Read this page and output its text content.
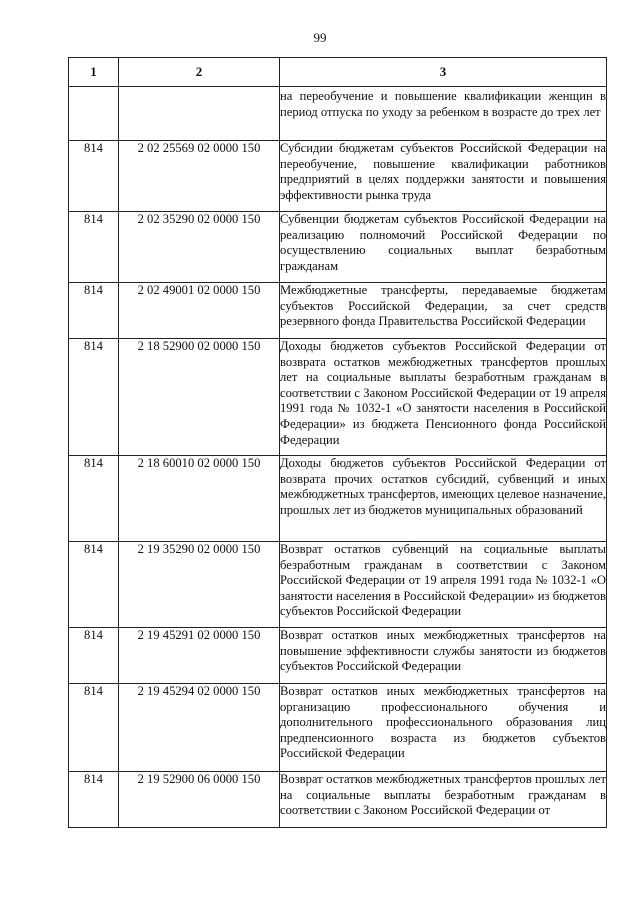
99
1	2	3
		на переобучение и повышение квалификации женщин в период отпуска по уходу за ребенком в возрасте до трех лет
814	2 02 25569 02 0000 150	Субсидии бюджетам субъектов Российской Федерации на переобучение, повышение квалификации работников предприятий в целях поддержки занятости и повышения эффективности рынка труда
814	2 02 35290 02 0000 150	Субвенции бюджетам субъектов Российской Федерации на реализацию полномочий Российской Федерации по осуществлению социальных выплат безработным гражданам
814	2 02 49001 02 0000 150	Межбюджетные трансферты, передаваемые бюджетам субъектов Российской Федерации, за счет средств резервного фонда Правительства Российской Федерации
814	2 18 52900 02 0000 150	Доходы бюджетов субъектов Российской Федерации от возврата остатков межбюджетных трансфертов прошлых лет на социальные выплаты безработным гражданам в соответствии с Законом Российской Федерации от 19 апреля 1991 года № 1032-1 «О занятости населения в Российской Федерации» из бюджета Пенсионного фонда Российской Федерации
814	2 18 60010 02 0000 150	Доходы бюджетов субъектов Российской Федерации от возврата прочих остатков субсидий, субвенций и иных межбюджетных трансфертов, имеющих целевое назначение, прошлых лет из бюджетов муниципальных образований
814	2 19 35290 02 0000 150	Возврат остатков субвенций на социальные выплаты безработным гражданам в соответствии с Законом Российской Федерации от 19 апреля 1991 года № 1032-1 «О занятости населения в Российской Федерации» из бюджетов субъектов Российской Федерации
814	2 19 45291 02 0000 150	Возврат остатков иных межбюджетных трансфертов на повышение эффективности службы занятости из бюджетов субъектов Российской Федерации
814	2 19 45294 02 0000 150	Возврат остатков иных межбюджетных трансфертов на организацию профессионального обучения и дополнительного профессионального образования лиц предпенсионного возраста из бюджетов субъектов Российской Федерации
814	2 19 52900 06 0000 150	Возврат остатков межбюджетных трансфертов прошлых лет на социальные выплаты безработным гражданам в соответствии с Законом Российской Федерации от
